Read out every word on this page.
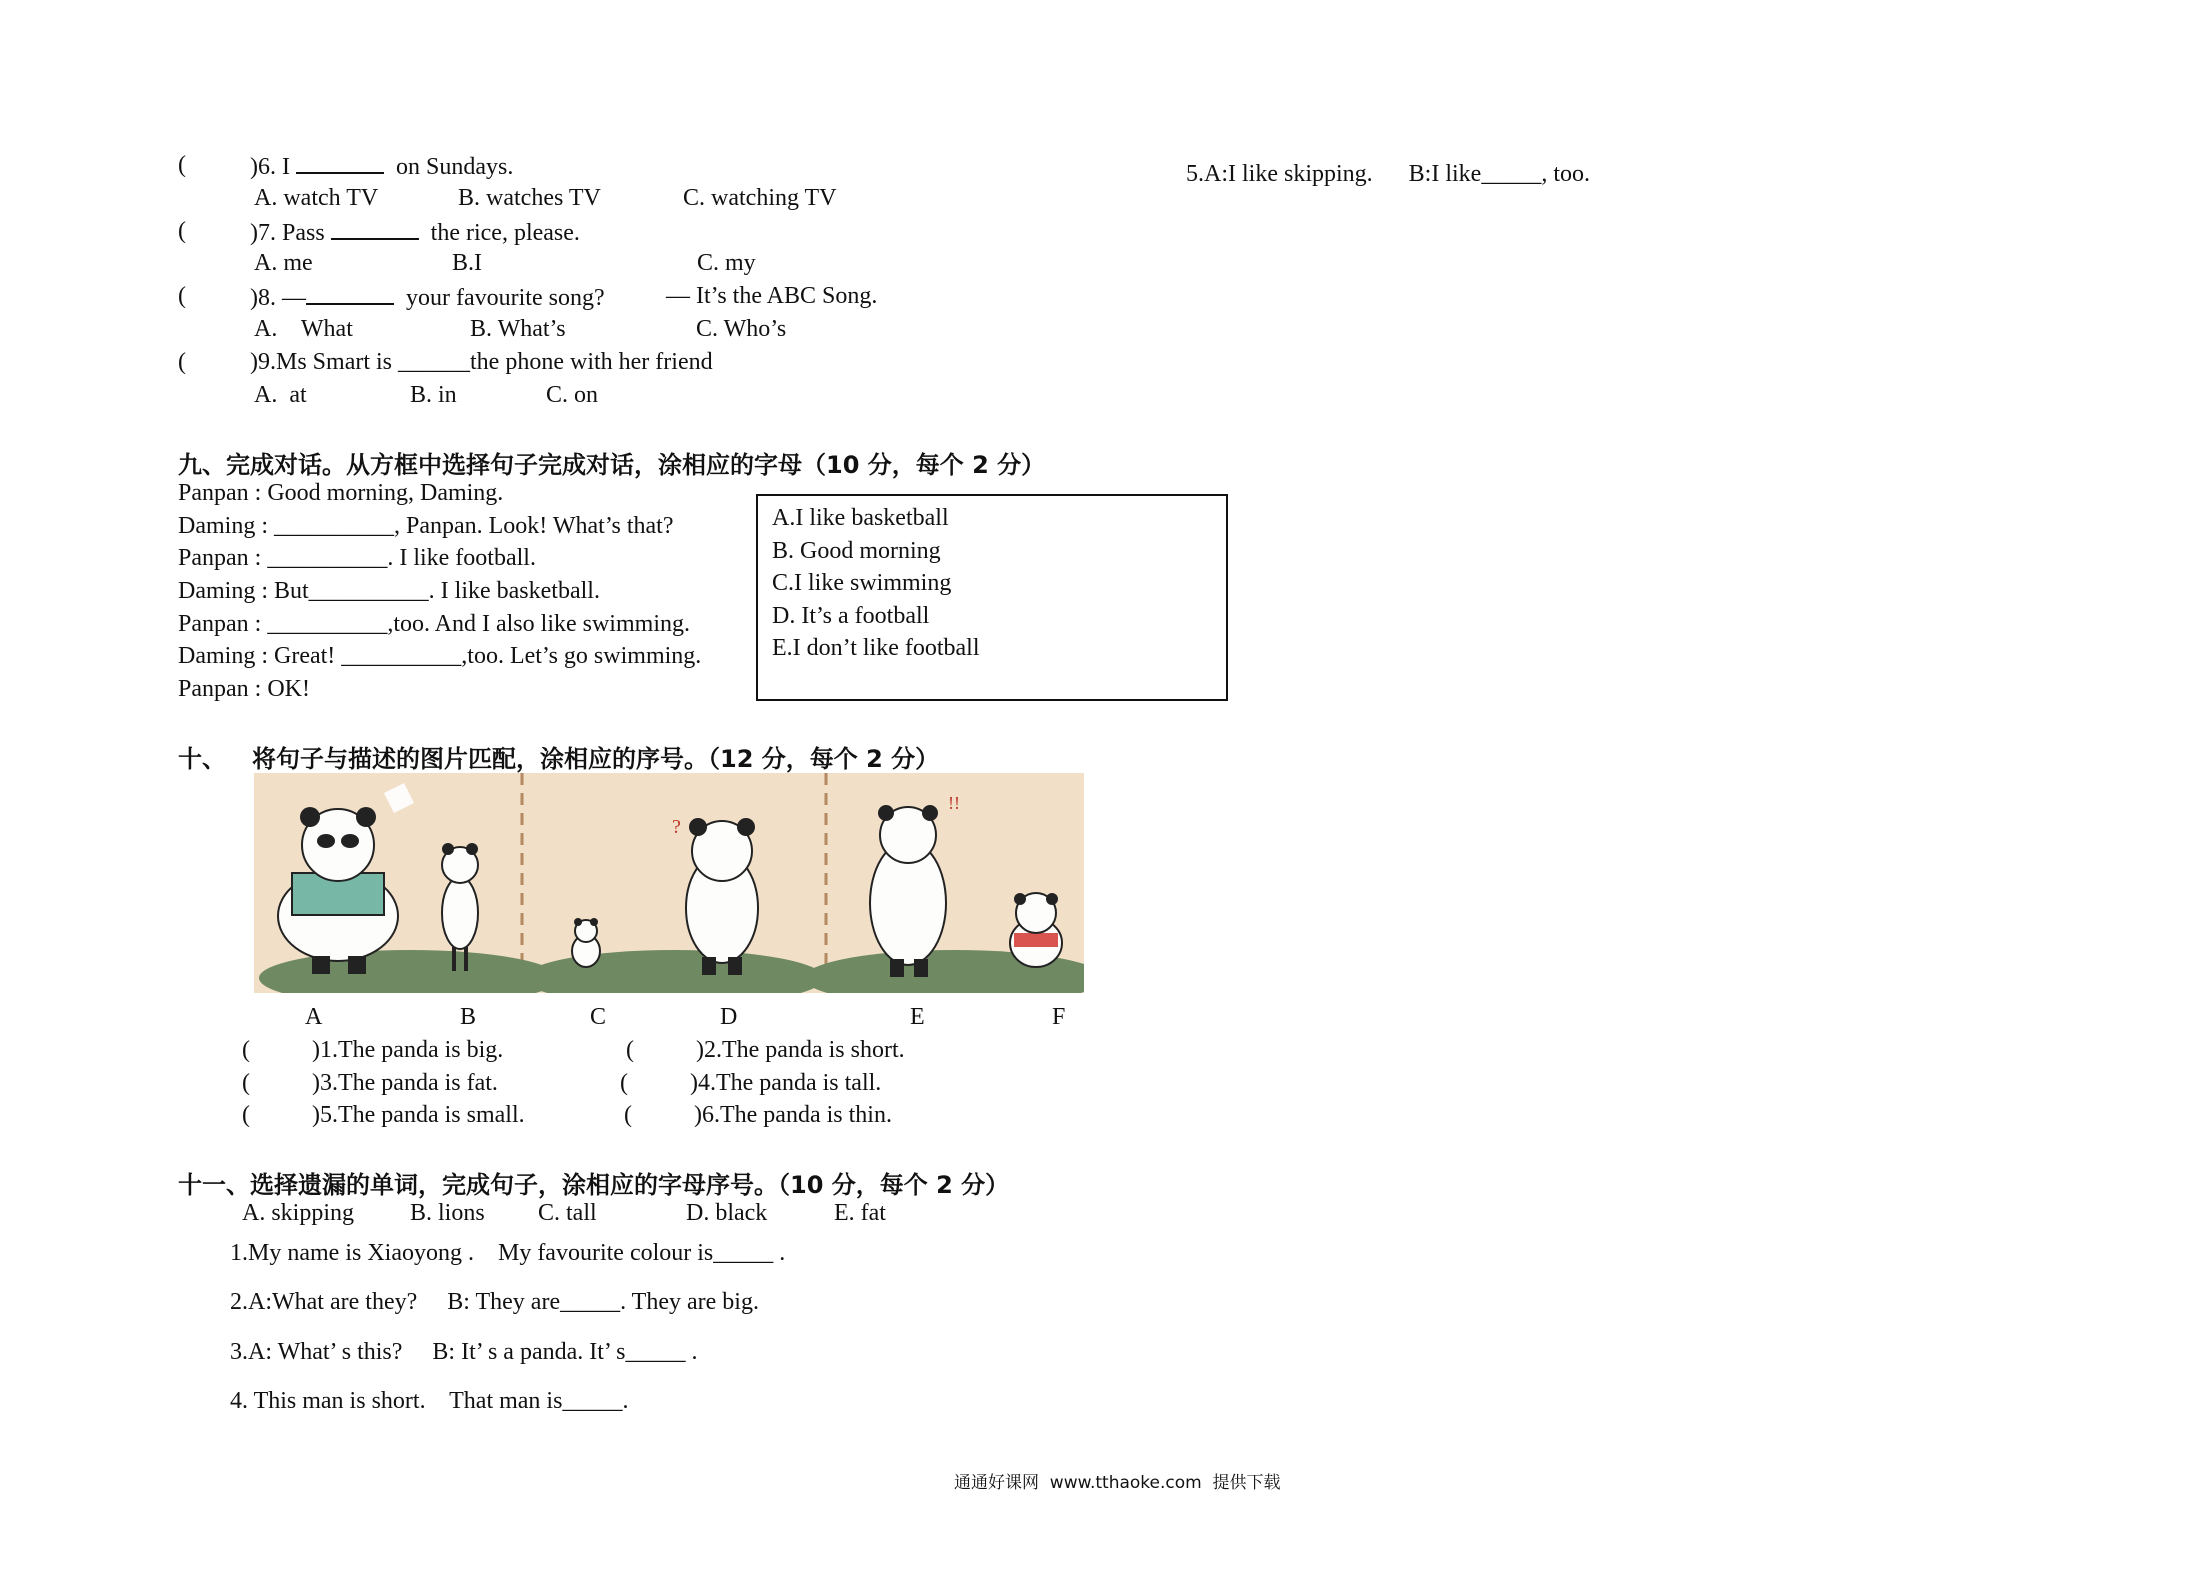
(	)6. I	on Sundays.
A. watch TV	B. watches TV	C. watching TV
(	)7. Pass	the rice, please.
A. me	B.I	C. my
(	)8. —	your favourite song?	— It’s the ABC Song.
A.    What	B. What’s	C. Who’s
(	)9.Ms Smart is ______the phone with her friend
A.  at	B. in	C. on
5.A:I like skipping.      B:I like_____, too.
九、完成对话。从方框中选择句子完成对话，涂相应的字母（10 分，每个 2 分）
Panpan : Good morning, Daming.
Daming : __________, Panpan. Look! What’s that?
Panpan : __________. I like football.
Daming : But__________. I like basketball.
Panpan : __________,too. And I also like swimming.
Daming : Great! __________,too. Let’s go swimming.
Panpan : OK!
A.I like basketball
B. Good morning
C.I like swimming
D. It’s a football
E.I don’t like football
十、 将句子与描述的图片匹配，涂相应的序号。（12 分，每个 2 分）
?
!!
A	B	C	D	E	F
(	)1.The panda is big.	(	)2.The panda is short.
(	)3.The panda is fat.	(	)4.The panda is tall.
(	)5.The panda is small.	(	)6.The panda is thin.
十一、选择遗漏的单词，完成句子，涂相应的字母序号。（10 分，每个 2 分）
A. skipping B. lions C. tall	D. black	E. fat
1.My name is Xiaoyong .    My favourite colour is_____ .
2.A:What are they?     B: They are_____. They are big.
3.A: What’ s this?     B: It’ s a panda. It’ s_____ .
4. This man is short.    That man is_____.
通通好课网  www.tthaoke.com  提供下载
